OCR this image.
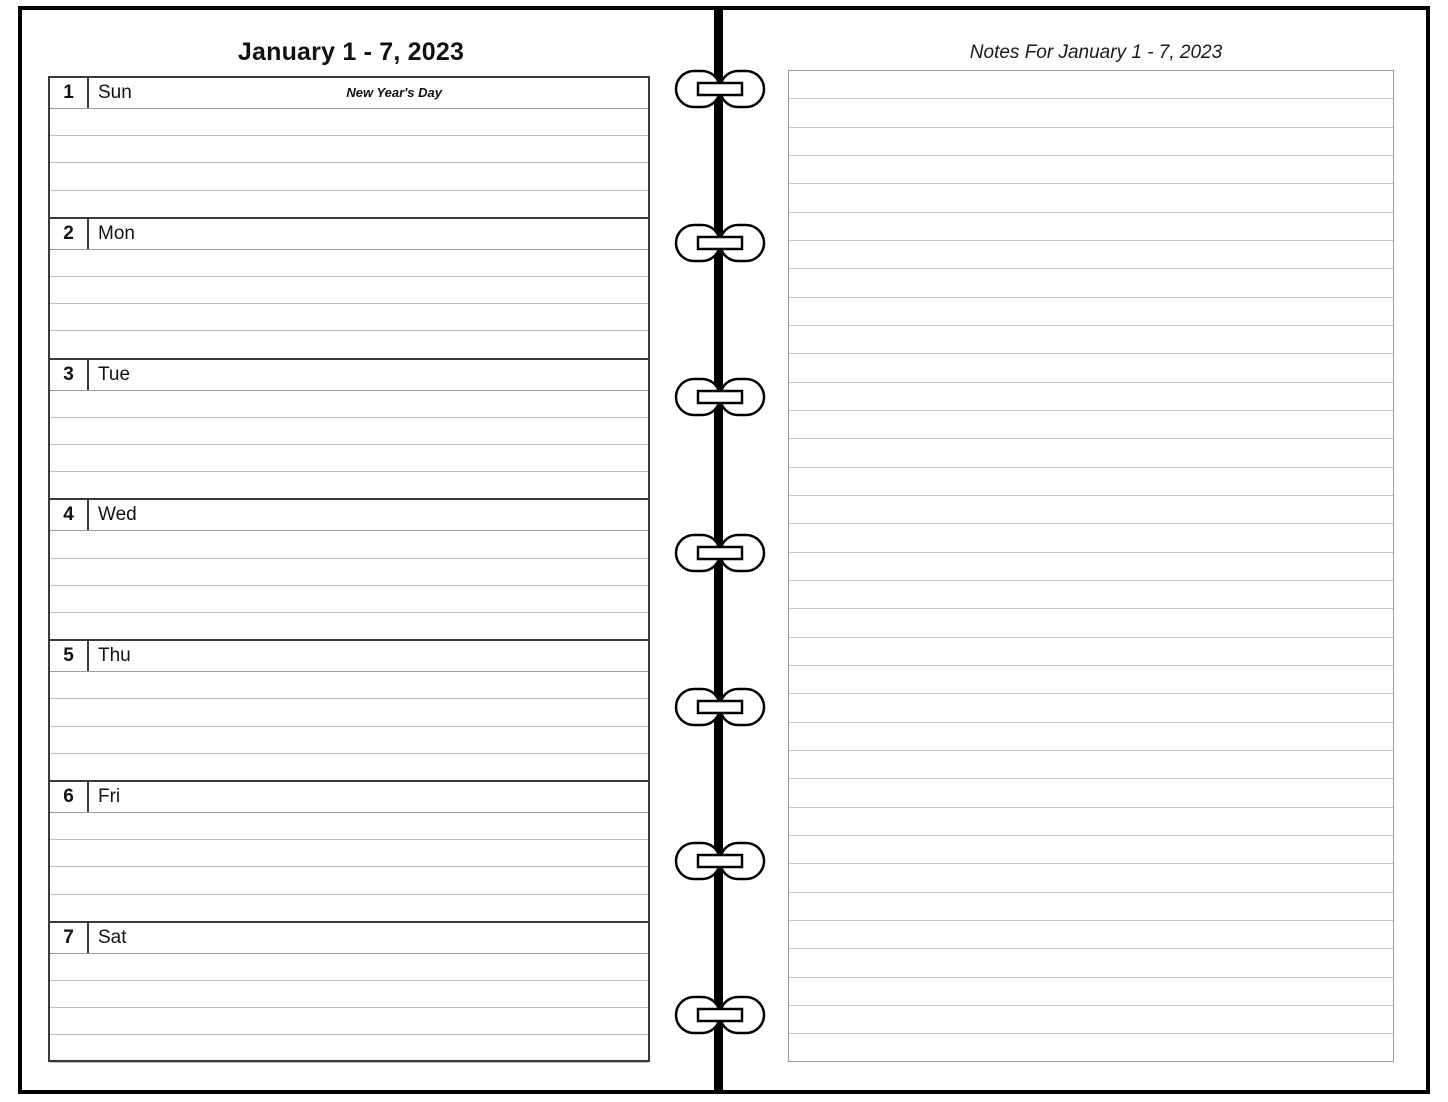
January 1 - 7, 2023
1	Sun	New Year's Day
2	Mon
3	Tue
4	Wed
5	Thu
6	Fri
7	Sat
Notes For January 1 - 7, 2023
